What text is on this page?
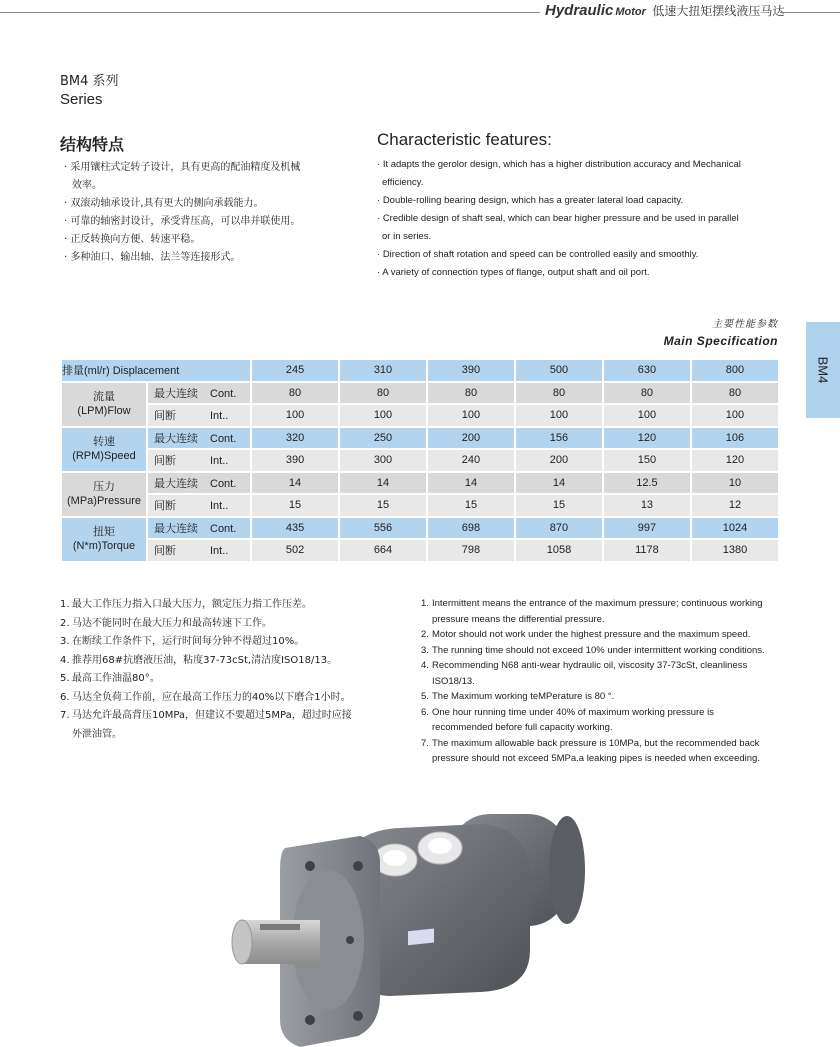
Hydraulic Motor 低速大扭矩摆线液压马达
BM4 系列
Series
BM4
结构特点
· 采用镶柱式定转子设计，具有更高的配油精度及机械
效率。
· 双滚动轴承设计,具有更大的侧向承载能力。
· 可靠的轴密封设计，承受背压高，可以串并联使用。
· 正反转换向方便、转速平稳。
· 多种油口、输出轴、法兰等连接形式。
Characteristic features:
· It adapts the gerolor design, which has a higher distribution accuracy and Mechanical
efficiency.
· Double-rolling bearing design, which has a greater lateral load capacity.
· Credible design of shaft seal, which can bear higher pressure and be used in parallel
or in series.
· Direction of shaft rotation and speed can be controlled easily and smoothly.
· A variety of connection types of flange, output shaft and oil port.
主要性能参数
Main Specification
排量(ml/r) Displacement		245	310	390	500	630	800
流量
(LPM)Flow	最大连续 Cont.	80	80	80	80	80	80
	间断 Int..	100	100	100	100	100	100
转速
(RPM)Speed	最大连续 Cont.	320	250	200	156	120	106
	间断 Int..	390	300	240	200	150	120
压力
(MPa)Pressure	最大连续 Cont.	14	14	14	14	12.5	10
	间断 Int..	15	15	15	15	13	12
扭矩
(N*m)Torque	最大连续 Cont.	435	556	698	870	997	1024
	间断 Int..	502	664	798	1058	1178	1380
1. 最大工作压力指入口最大压力，额定压力指工作压差。
2. 马达不能同时在最大压力和最高转速下工作。
3. 在断续工作条件下，运行时间每分钟不得超过10%。
4. 推荐用68#抗磨液压油，粘度37-73cSt,清洁度ISO18/13。
5. 最高工作油温80°。
6. 马达全负荷工作前，应在最高工作压力的40%以下磨合1小时。
7. 马达允许最高背压10MPa，但建议不要超过5MPa，超过时应接
外泄油管。
1. Intermittent means the entrance of the maximum pressure; continuous working
pressure means the differential pressure.
2. Motor should not work under the highest pressure and the maximum speed.
3. The running time should not exceed 10% under intermittent working conditions.
4. Recommending N68 anti-wear hydraulic oil, viscosity 37-73cSt, cleanliness
ISO18/13.
5. The Maximum working teMPerature is 80 °.
6. One hour running time under 40% of maximum working pressure is
recommended before full capacity working.
7. The maximum allowable back pressure is 10MPa, but the recommended back
pressure should not exceed 5MPa.a leaking pipes is needed when exceeding.
